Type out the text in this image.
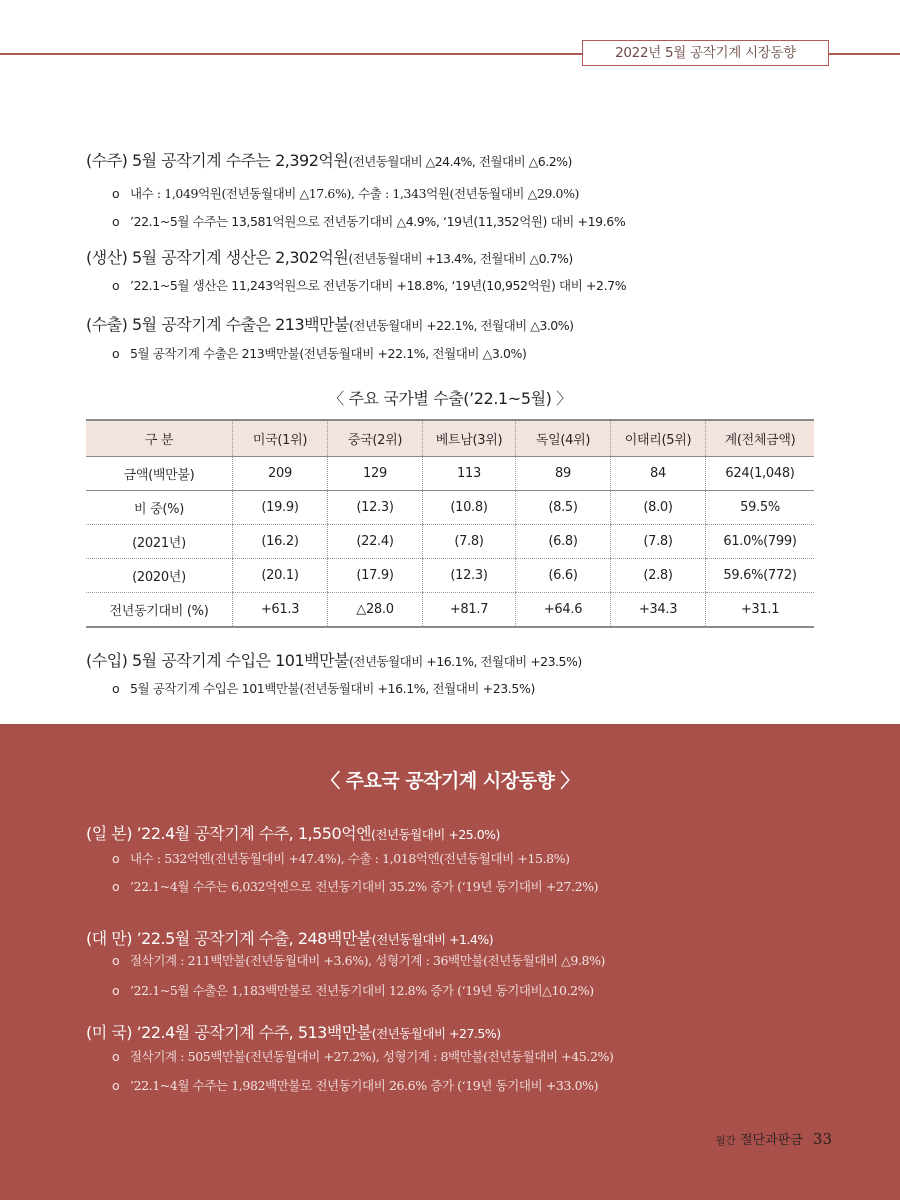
2022년 5월 공작기계 시장동향
(수주) 5월 공작기계 수주는 2,392억원(전년동월대비 △24.4%, 전월대비 △6.2%)
o 내수 : 1,049억원(전년동월대비 △17.6%), 수출 : 1,343억원(전년동월대비 △29.0%)
o ’22.1~5월 수주는 13,581억원으로 전년동기대비 △4.9%, ‘19년(11,352억원) 대비 +19.6%
(생산) 5월 공작기계 생산은 2,302억원(전년동월대비 +13.4%, 전월대비 △0.7%)
o ’22.1~5월 생산은 11,243억원으로 전년동기대비 +18.8%, ‘19년(10,952억원) 대비 +2.7%
(수출) 5월 공작기계 수출은 213백만불(전년동월대비 +22.1%, 전월대비 △3.0%)
o 5월 공작기계 수출은 213백만불(전년동월대비 +22.1%, 전월대비 △3.0%)
〈 주요 국가별 수출(’22.1~5월) 〉
구 분	미국(1위)	중국(2위)	베트남(3위)	독일(4위)	이태리(5위)	계(전체금액)
금액(백만불)	209	129	113	89	84	624(1,048)
비 중(%)	(19.9)	(12.3)	(10.8)	(8.5)	(8.0)	59.5%
(2021년)	(16.2)	(22.4)	(7.8)	(6.8)	(7.8)	61.0%(799)
(2020년)	(20.1)	(17.9)	(12.3)	(6.6)	(2.8)	59.6%(772)
전년동기대비 (%)	+61.3	△28.0	+81.7	+64.6	+34.3	+31.1
(수입) 5월 공작기계 수입은 101백만불(전년동월대비 +16.1%, 전월대비 +23.5%)
o 5월 공작기계 수입은 101백만불(전년동월대비 +16.1%, 전월대비 +23.5%)
〈 주요국 공작기계 시장동향 〉
(일 본) ’22.4월 공작기계 수주, 1,550억엔(전년동월대비 +25.0%)
o 내수 : 532억엔(전년동월대비 +47.4%), 수출 : 1,018억엔(전년동월대비 +15.8%)
o ’22.1~4월 수주는 6,032억엔으로 전년동기대비 35.2% 증가 (‘19년 동기대비 +27.2%)
(대 만) ’22.5월 공작기계 수출, 248백만불(전년동월대비 +1.4%)
o 절삭기계 : 211백만불(전년동월대비 +3.6%), 성형기계 : 36백만불(전년동월대비 △9.8%)
o ’22.1~5월 수출은 1,183백만불로 전년동기대비 12.8% 증가 (‘19년 동기대비△10.2%)
(미 국) ’22.4월 공작기계 수주, 513백만불(전년동월대비 +27.5%)
o 절삭기계 : 505백만불(전년동월대비 +27.2%), 성형기계 : 8백만불(전년동월대비 +45.2%)
o ’22.1~4월 수주는 1,982백만불로 전년동기대비 26.6% 증가 (‘19년 동기대비 +33.0%)
월간 절단과판금 33
